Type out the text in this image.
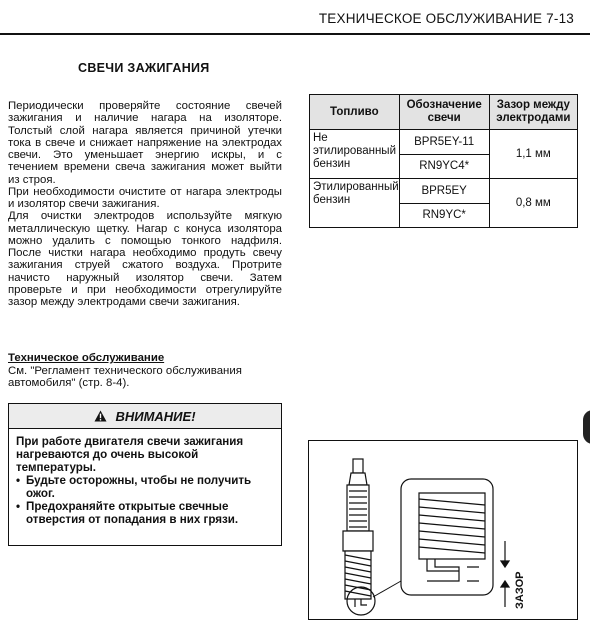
ТЕХНИЧЕСКОЕ ОБСЛУЖИВАНИЕ 7-13
СВЕЧИ ЗАЖИГАНИЯ

Периодически проверяйте состояние свечей зажигания и наличие нагара на изоляторе. Толстый слой нагара является причиной утечки тока в свече и снижает напряжение на электродах свечи. Это уменьшает энергию искры, и с течением времени свеча зажигания может выйти из строя.

При необходимости очистите от нагара электроды и изолятор свечи зажигания.

Для очистки электродов используйте мягкую металлическую щетку. Нагар с конуса изолятора можно удалить с помощью тонкого надфиля. После чистки нагара необходимо продуть свечу зажигания струей сжатого воздуха. Протрите начисто наружный изолятор свечи. Затем проверьте и при необходимости отрегулируйте зазор между электродами свечи зажигания.

Техническое обслуживание
См. "Регламент технического обслуживания автомобиля" (стр. 8-4).
ВНИМАНИЕ!
При работе двигателя свечи зажигания нагреваются до очень высокой температуры.
• Будьте осторожны, чтобы не получить ожог.
• Предохраняйте открытые свечные отверстия от попадания в них грязи.
Топливо	Обозначение свечи	Зазор между электродами
Не этилированный бензин	BPR5EY-11	1,1 мм
	RN9YC4*	
Этилированный бензин	BPR5EY	0,8 мм
	RN9YC*	
ЗАЗОР
